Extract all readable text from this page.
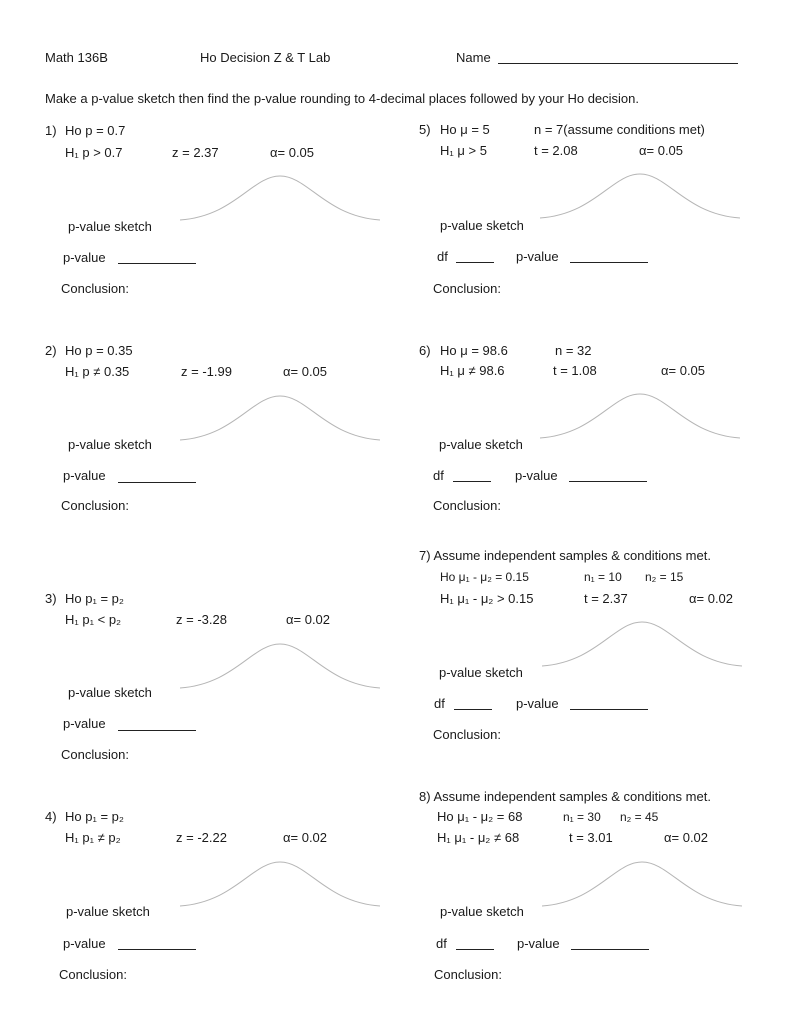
Math 136B	Ho Decision Z & T Lab	Name
Make a p-value sketch then find the p-value rounding to 4-decimal places followed by your Ho decision.
1) Ho p = 0.7
H₁ p > 0.7	z = 2.37	α= 0.05
p-value sketch
p-value
Conclusion:
2) Ho p = 0.35
H₁ p ≠ 0.35	z = -1.99	α= 0.05
p-value sketch
p-value
Conclusion:
3) Ho p₁ = p₂
H₁ p₁ < p₂	z = -3.28	α= 0.02
p-value sketch
p-value
Conclusion:
4) Ho p₁ = p₂
H₁ p₁ ≠ p₂	z = -2.22	α= 0.02
p-value sketch
p-value
Conclusion:
5) Ho μ = 5	n = 7(assume conditions met)
H₁ μ > 5	t = 2.08	α= 0.05
p-value sketch
df	p-value
Conclusion:
6) Ho μ = 98.6	n = 32
H₁ μ ≠ 98.6	t = 1.08	α= 0.05
p-value sketch
df	p-value
Conclusion:
7) Assume independent samples & conditions met.
Ho μ₁ - μ₂ = 0.15	n₁ = 10 n₂ = 15
H₁ μ₁ - μ₂ > 0.15	t = 2.37	α= 0.02
p-value sketch
df	p-value
Conclusion:
8) Assume independent samples & conditions met.
Ho μ₁ - μ₂ = 68	n₁ = 30 n₂ = 45
H₁ μ₁ - μ₂ ≠ 68	t = 3.01	α= 0.02
p-value sketch
df	p-value
Conclusion:
